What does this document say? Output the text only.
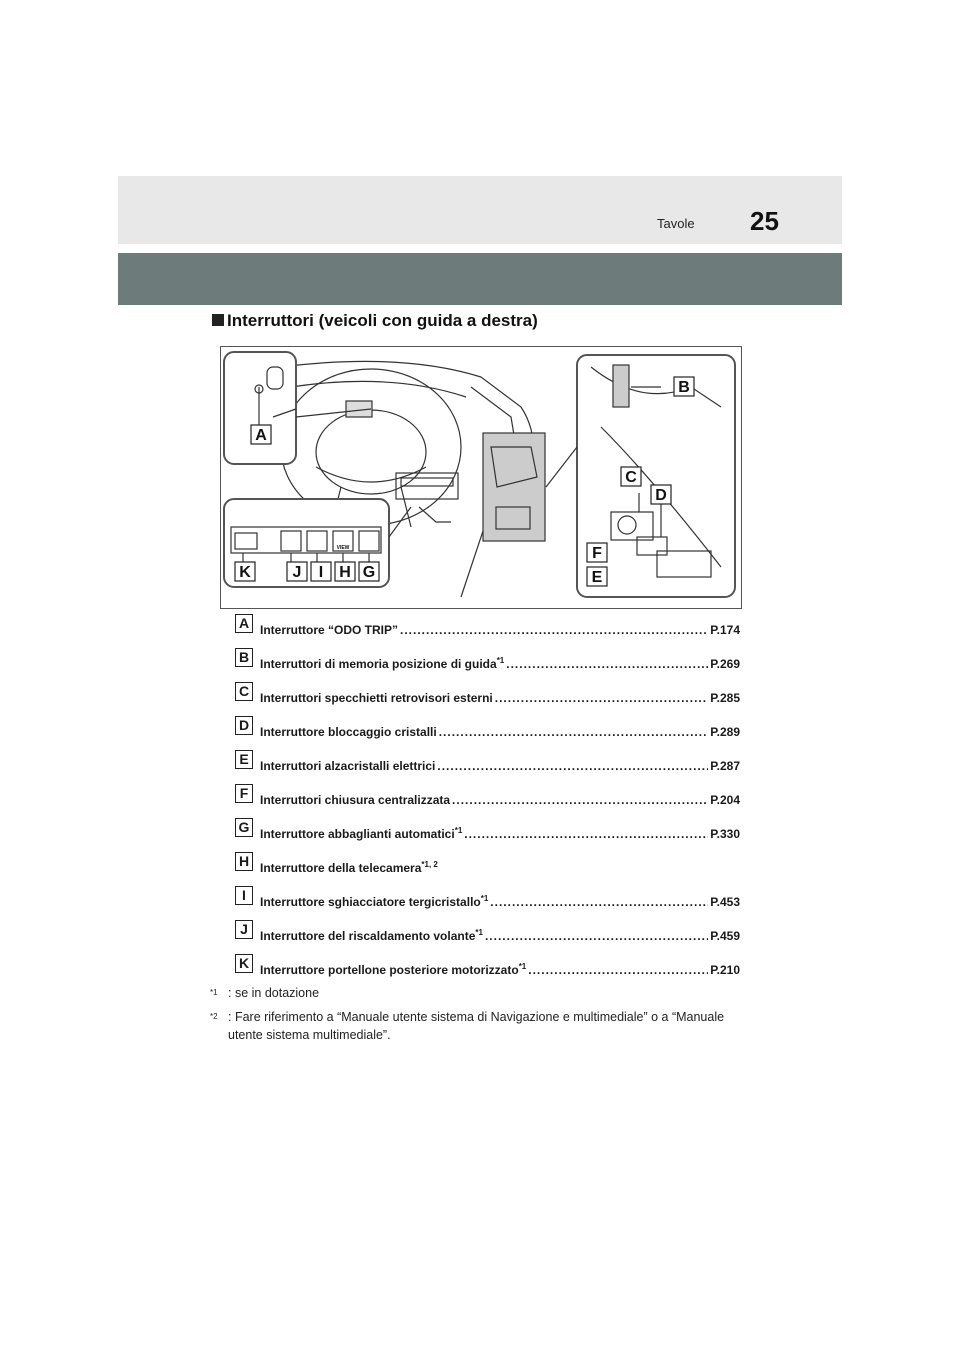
Tavole 25
Interruttori (veicoli con guida a destra)
A
B
C
D
E
F
G
H
I
J
K
VIEW
A Interruttore “ODO TRIP” .....	P.174
B Interruttori di memoria posizione di guida$^{*1}$ .....	P.269
C Interruttori specchietti retrovisori esterni .....	P.285
D Interruttore bloccaggio cristalli .....	P.289
E Interruttori alzacristalli elettrici .....	P.287
F Interruttori chiusura centralizzata .....	P.204
G Interruttore abbaglianti automatici$^{*1}$ .....	P.330
H Interruttore della telecamera$^{*1, 2}$
I	Interruttore sghiacciatore tergicristallo$^{*1}$ .....	P.453
J	Interruttore del riscaldamento volante$^{*1}$ .....	P.459
K Interruttore portellone posteriore motorizzato$^{*1}$ .....	P.210
$^{*1}$ : se in dotazione
$^{*2}$ : Fare riferimento a “Manuale utente sistema di Navigazione e multimediale” o a “Manuale utente sistema multimediale”.
